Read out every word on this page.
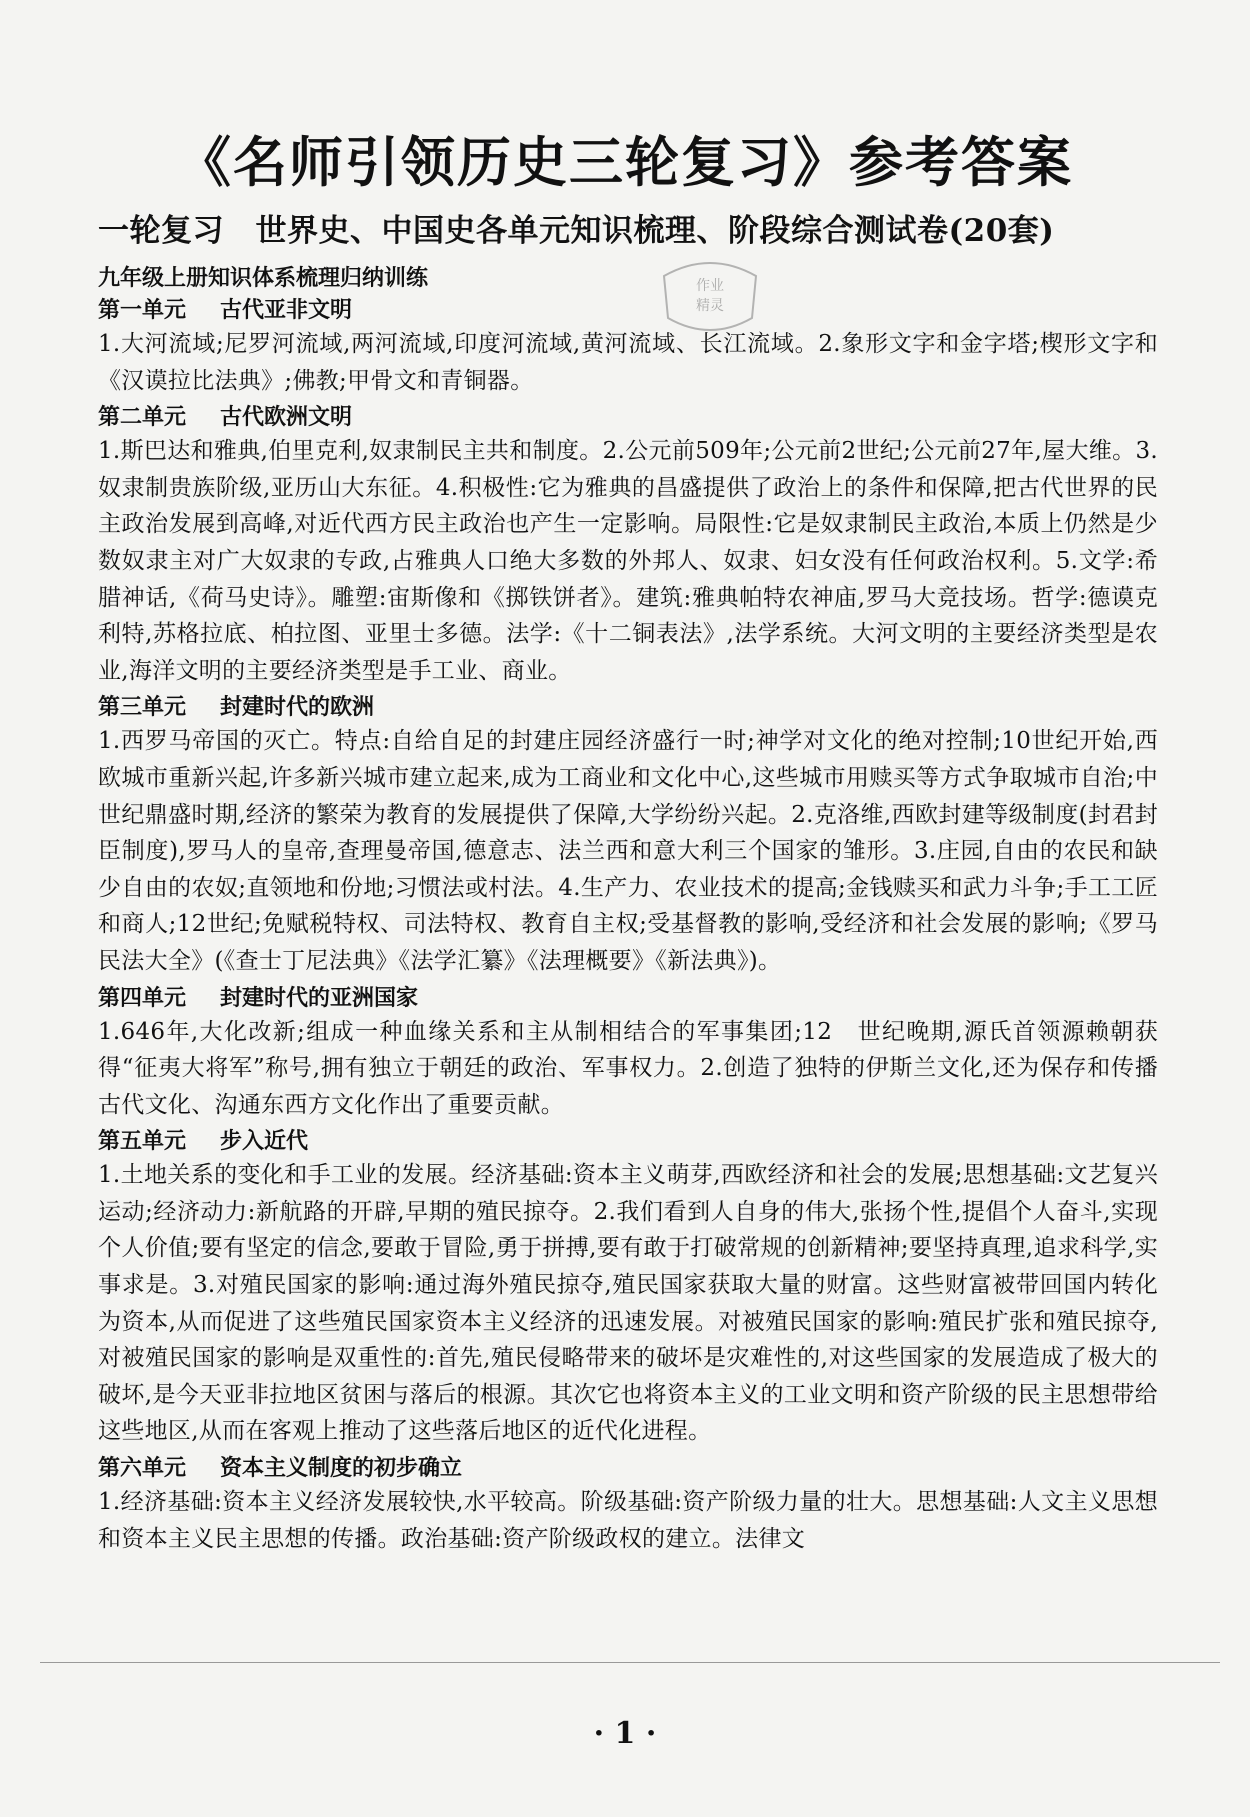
《名师引领历史三轮复习》参考答案
一轮复习　世界史、中国史各单元知识梳理、阶段综合测试卷(20套)
作业
精灵

九年级上册知识体系梳理归纳训练

第一单元 古代亚非文明

1.大河流域;尼罗河流域,两河流域,印度河流域,黄河流域、长江流域。2.象形文字和金字塔;楔形文字和《汉谟拉比法典》;佛教;甲骨文和青铜器。

第二单元 古代欧洲文明

1.斯巴达和雅典,伯里克利,奴隶制民主共和制度。2.公元前509年;公元前2世纪;公元前27年,屋大维。3.奴隶制贵族阶级,亚历山大东征。4.积极性:它为雅典的昌盛提供了政治上的条件和保障,把古代世界的民主政治发展到高峰,对近代西方民主政治也产生一定影响。局限性:它是奴隶制民主政治,本质上仍然是少数奴隶主对广大奴隶的专政,占雅典人口绝大多数的外邦人、奴隶、妇女没有任何政治权利。5.文学:希腊神话,《荷马史诗》。雕塑:宙斯像和《掷铁饼者》。建筑:雅典帕特农神庙,罗马大竞技场。哲学:德谟克利特,苏格拉底、柏拉图、亚里士多德。法学:《十二铜表法》,法学系统。大河文明的主要经济类型是农业,海洋文明的主要经济类型是手工业、商业。

第三单元 封建时代的欧洲

1.西罗马帝国的灭亡。特点:自给自足的封建庄园经济盛行一时;神学对文化的绝对控制;10世纪开始,西欧城市重新兴起,许多新兴城市建立起来,成为工商业和文化中心,这些城市用赎买等方式争取城市自治;中世纪鼎盛时期,经济的繁荣为教育的发展提供了保障,大学纷纷兴起。2.克洛维,西欧封建等级制度(封君封臣制度),罗马人的皇帝,查理曼帝国,德意志、法兰西和意大利三个国家的雏形。3.庄园,自由的农民和缺少自由的农奴;直领地和份地;习惯法或村法。4.生产力、农业技术的提高;金钱赎买和武力斗争;手工工匠和商人;12世纪;免赋税特权、司法特权、教育自主权;受基督教的影响,受经济和社会发展的影响;《罗马民法大全》(《查士丁尼法典》《法学汇纂》《法理概要》《新法典》)。

第四单元 封建时代的亚洲国家

1.646年,大化改新;组成一种血缘关系和主从制相结合的军事集团;12　世纪晚期,源氏首领源赖朝获得“征夷大将军”称号,拥有独立于朝廷的政治、军事权力。2.创造了独特的伊斯兰文化,还为保存和传播古代文化、沟通东西方文化作出了重要贡献。

第五单元 步入近代

1.土地关系的变化和手工业的发展。经济基础:资本主义萌芽,西欧经济和社会的发展;思想基础:文艺复兴运动;经济动力:新航路的开辟,早期的殖民掠夺。2.我们看到人自身的伟大,张扬个性,提倡个人奋斗,实现个人价值;要有坚定的信念,要敢于冒险,勇于拼搏,要有敢于打破常规的创新精神;要坚持真理,追求科学,实事求是。3.对殖民国家的影响:通过海外殖民掠夺,殖民国家获取大量的财富。这些财富被带回国内转化为资本,从而促进了这些殖民国家资本主义经济的迅速发展。对被殖民国家的影响:殖民扩张和殖民掠夺,对被殖民国家的影响是双重性的:首先,殖民侵略带来的破坏是灾难性的,对这些国家的发展造成了极大的破坏,是今天亚非拉地区贫困与落后的根源。其次它也将资本主义的工业文明和资产阶级的民主思想带给这些地区,从而在客观上推动了这些落后地区的近代化进程。

第六单元 资本主义制度的初步确立

1.经济基础:资本主义经济发展较快,水平较高。阶级基础:资产阶级力量的壮大。思想基础:人文主义思想和资本主义民主思想的传播。政治基础:资产阶级政权的建立。法律文

· 1 ·
